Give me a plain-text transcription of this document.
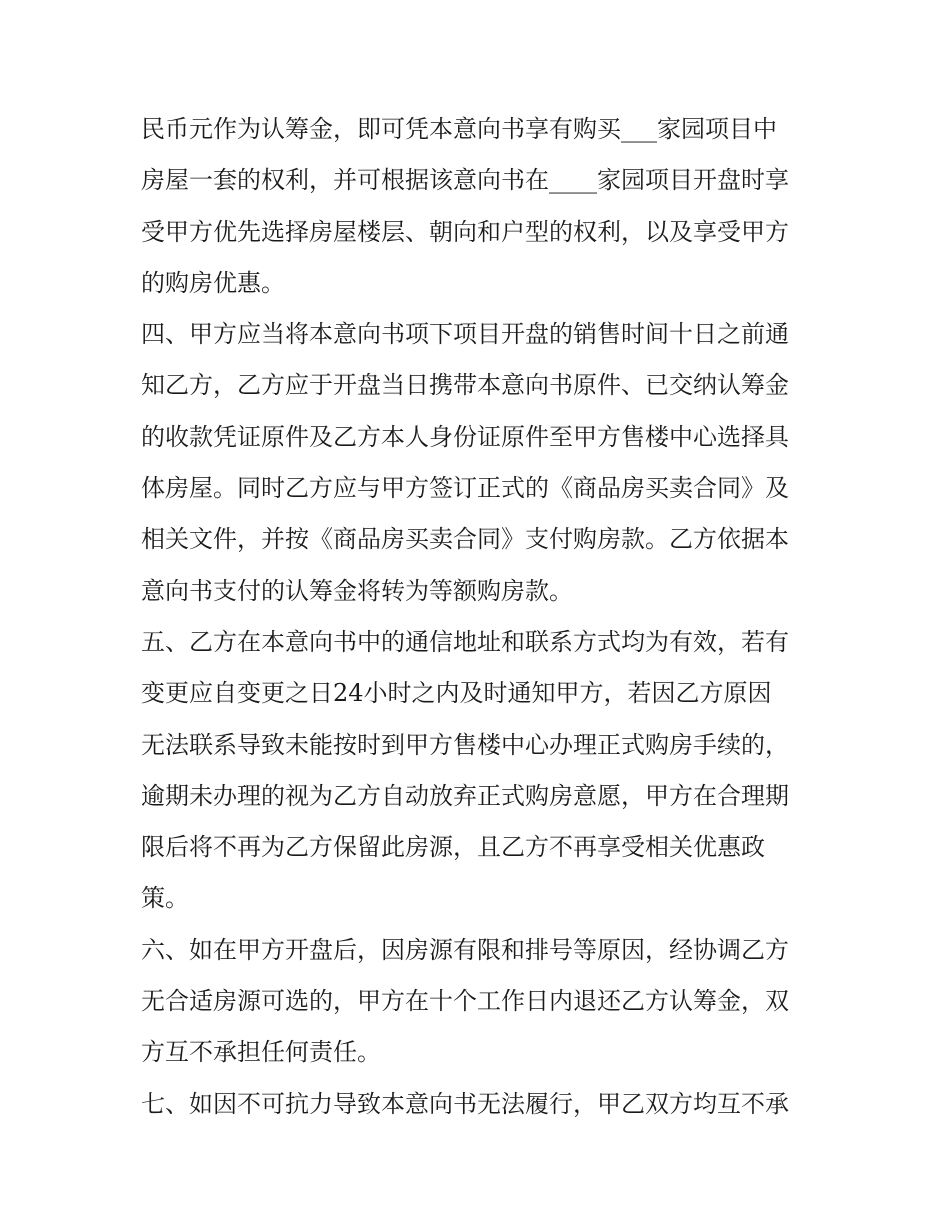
民币元作为认筹金，即可凭本意向书享有购买___家园项目中
房屋一套的权利，并可根据该意向书在____家园项目开盘时享
受甲方优先选择房屋楼层、朝向和户型的权利，以及享受甲方
的购房优惠。
四、甲方应当将本意向书项下项目开盘的销售时间十日之前通
知乙方，乙方应于开盘当日携带本意向书原件、已交纳认筹金
的收款凭证原件及乙方本人身份证原件至甲方售楼中心选择具
体房屋。同时乙方应与甲方签订正式的《商品房买卖合同》及
相关文件，并按《商品房买卖合同》支付购房款。乙方依据本
意向书支付的认筹金将转为等额购房款。
五、乙方在本意向书中的通信地址和联系方式均为有效，若有
变更应自变更之日24小时之内及时通知甲方，若因乙方原因
无法联系导致未能按时到甲方售楼中心办理正式购房手续的，
逾期未办理的视为乙方自动放弃正式购房意愿，甲方在合理期
限后将不再为乙方保留此房源，且乙方不再享受相关优惠政
策。
六、如在甲方开盘后，因房源有限和排号等原因，经协调乙方
无合适房源可选的，甲方在十个工作日内退还乙方认筹金，双
方互不承担任何责任。
七、如因不可抗力导致本意向书无法履行，甲乙双方均互不承
